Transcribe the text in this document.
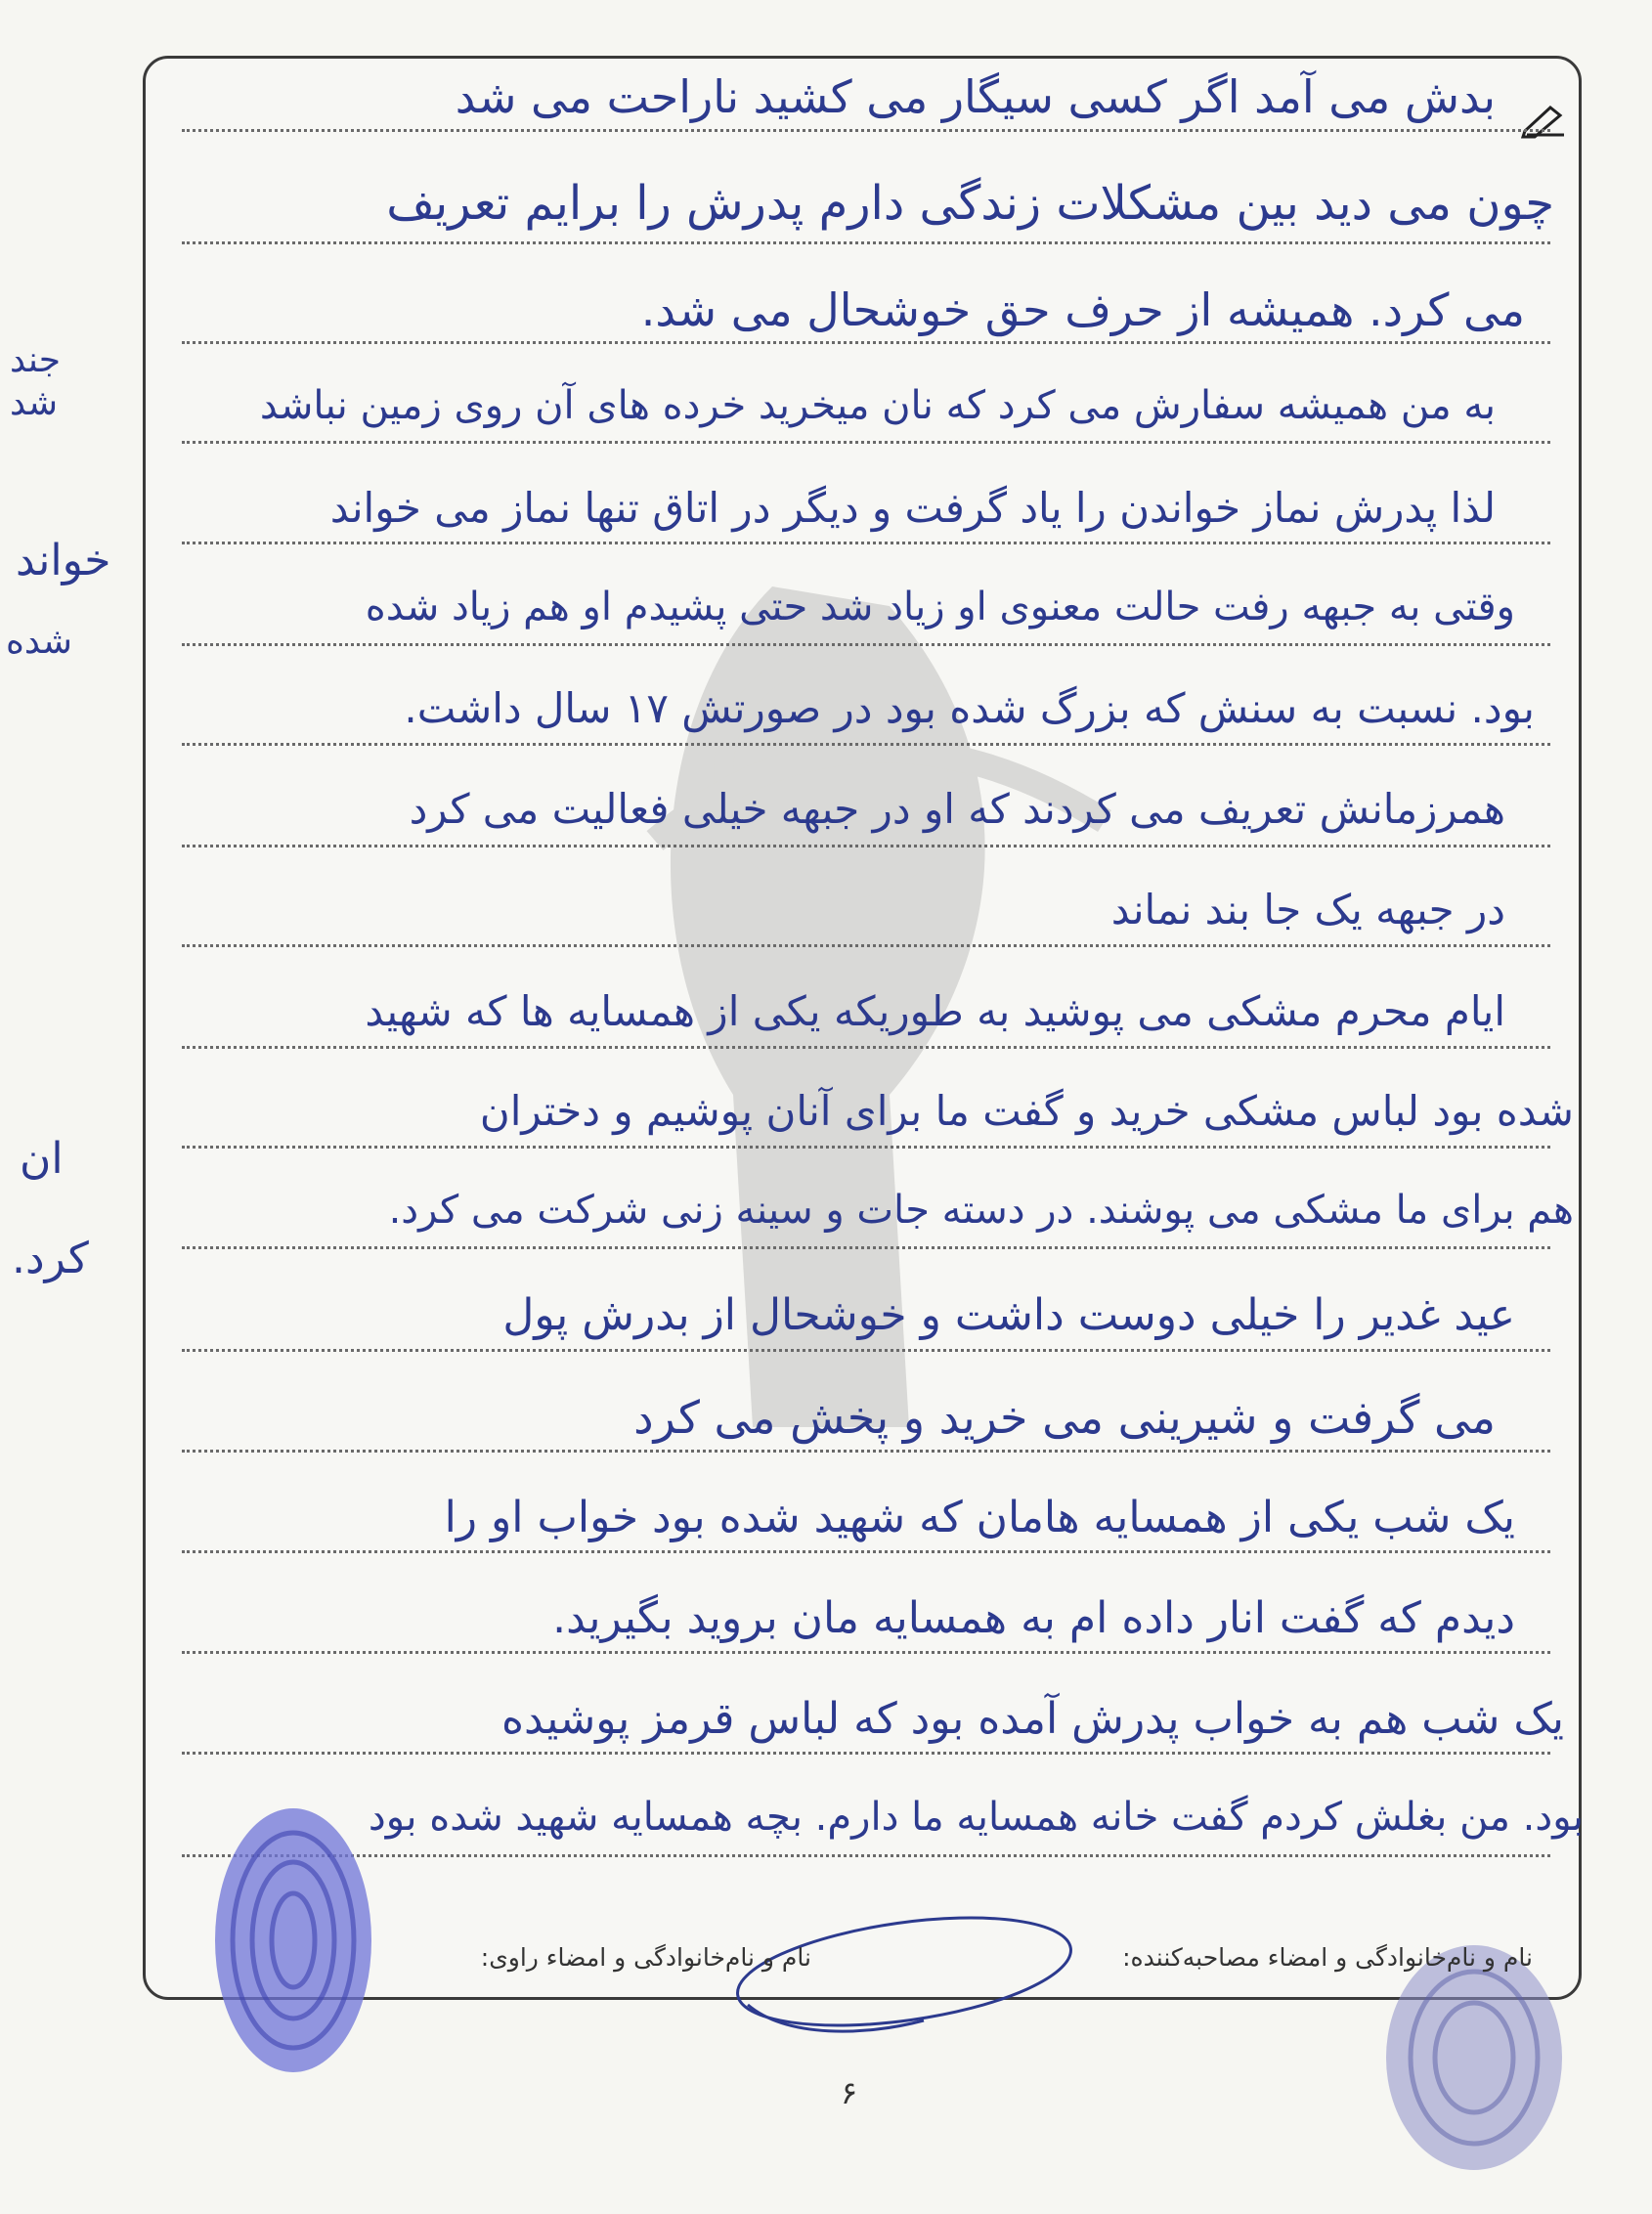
بدش می آمد اگر کسی سیگار می کشید ناراحت می شد
چون می دید بین مشکلات زندگی دارم پدرش را برایم تعریف
می کرد. همیشه از حرف حق خوشحال می شد.
به من همیشه سفارش می کرد که نان میخرید خرده های آن روی زمین نباشد
لذا پدرش نماز خواندن را یاد گرفت و دیگر در اتاق تنها نماز می خواند
وقتی به جبهه رفت حالت معنوی او زیاد شد حتی پشیدم او هم زیاد شده
بود. نسبت به سنش که بزرگ شده بود در صورتش ۱۷ سال داشت.
همرزمانش تعریف می کردند که او در جبهه خیلی فعالیت می کرد
در جبهه یک جا بند نماند
ایام محرم مشکی می پوشید به طوریکه یکی از همسایه ها که شهید
شده بود لباس مشکی خرید و گفت ما برای آنان پوشیم و دختران
هم برای ما مشکی می پوشند. در دسته جات و سینه زنی شرکت می کرد.
عید غدیر را خیلی دوست داشت و خوشحال از بدرش پول
می گرفت و شیرینی می خرید و پخش می کرد
یک شب یکی از همسایه هامان که شهید شده بود خواب او را
دیدم که گفت انار داده ام به همسایه مان بروید بگیرید.
یک شب هم به خواب پدرش آمده بود که لباس قرمز پوشیده
بود. من بغلش کردم گفت خانه همسایه ما دارم. بچه همسایه شهید شده بود
شد
جند
خواند
شده
ان
کرد.
نام و نام‌خانوادگی و امضاء مصاحبه‌کننده:
نام و نام‌خانوادگی و امضاء راوی:
۶
